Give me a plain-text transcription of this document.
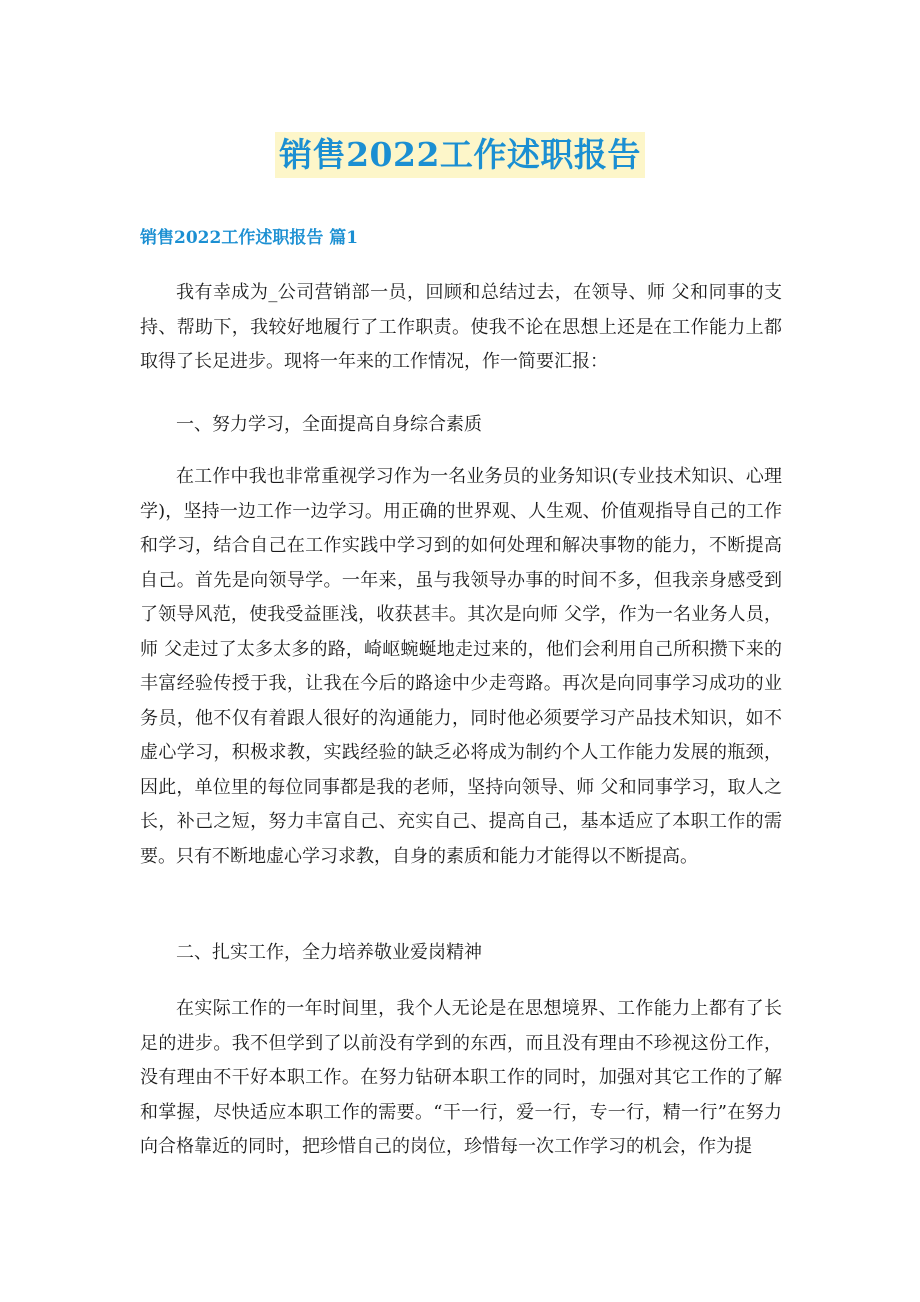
销售2022工作述职报告
销售2022工作述职报告 篇1

我有幸成为_公司营销部一员，回顾和总结过去，在领导、师 父和同事的支持、帮助下，我较好地履行了工作职责。使我不论在思想上还是在工作能力上都取得了长足进步。现将一年来的工作情况，作一简要汇报：

一、努力学习，全面提高自身综合素质

在工作中我也非常重视学习作为一名业务员的业务知识(专业技术知识、心理学)，坚持一边工作一边学习。用正确的世界观、人生观、价值观指导自己的工作和学习，结合自己在工作实践中学习到的如何处理和解决事物的能力，不断提高自己。首先是向领导学。一年来，虽与我领导办事的时间不多，但我亲身感受到了领导风范，使我受益匪浅，收获甚丰。其次是向师 父学，作为一名业务人员，师 父走过了太多太多的路，崎岖蜿蜒地走过来的，他们会利用自己所积攒下来的丰富经验传授于我，让我在今后的路途中少走弯路。再次是向同事学习成功的业务员，他不仅有着跟人很好的沟通能力，同时他必须要学习产品技术知识，如不虚心学习，积极求教，实践经验的缺乏必将成为制约个人工作能力发展的瓶颈，因此，单位里的每位同事都是我的老师，坚持向领导、师 父和同事学习，取人之长，补己之短，努力丰富自己、充实自己、提高自己，基本适应了本职工作的需要。只有不断地虚心学习求教，自身的素质和能力才能得以不断提高。

二、扎实工作，全力培养敬业爱岗精神

在实际工作的一年时间里，我个人无论是在思想境界、工作能力上都有了长足的进步。我不但学到了以前没有学到的东西，而且没有理由不珍视这份工作，没有理由不干好本职工作。在努力钻研本职工作的同时，加强对其它工作的了解和掌握，尽快适应本职工作的需要。“干一行，爱一行，专一行，精一行”在努力向合格靠近的同时，把珍惜自己的岗位，珍惜每一次工作学习的机会，作为提
